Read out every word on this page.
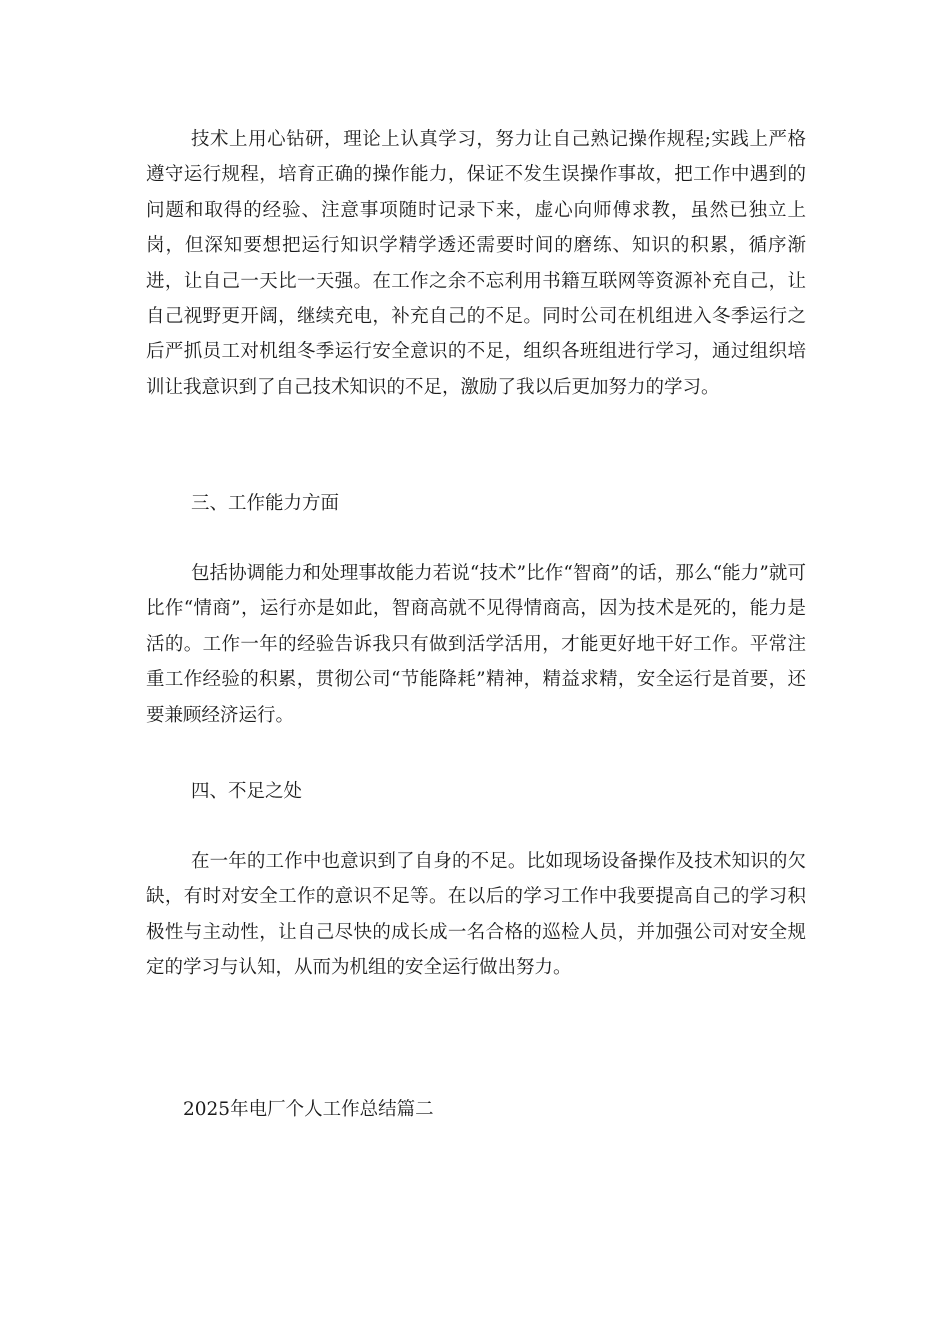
技术上用心钻研，理论上认真学习，努力让自己熟记操作规程;实践上严格遵守运行规程，培育正确的操作能力，保证不发生误操作事故，把工作中遇到的问题和取得的经验、注意事项随时记录下来，虚心向师傅求教，虽然已独立上岗，但深知要想把运行知识学精学透还需要时间的磨练、知识的积累，循序渐进，让自己一天比一天强。在工作之余不忘利用书籍互联网等资源补充自己，让自己视野更开阔，继续充电，补充自己的不足。同时公司在机组进入冬季运行之后严抓员工对机组冬季运行安全意识的不足，组织各班组进行学习，通过组织培训让我意识到了自己技术知识的不足，激励了我以后更加努力的学习。

三、工作能力方面

包括协调能力和处理事故能力若说“技术”比作“智商”的话，那么“能力”就可比作“情商”，运行亦是如此，智商高就不见得情商高，因为技术是死的，能力是活的。工作一年的经验告诉我只有做到活学活用，才能更好地干好工作。平常注重工作经验的积累，贯彻公司“节能降耗”精神，精益求精，安全运行是首要，还要兼顾经济运行。

四、不足之处

在一年的工作中也意识到了自身的不足。比如现场设备操作及技术知识的欠缺，有时对安全工作的意识不足等。在以后的学习工作中我要提高自己的学习积极性与主动性，让自己尽快的成长成一名合格的巡检人员，并加强公司对安全规定的学习与认知，从而为机组的安全运行做出努力。

2025年电厂个人工作总结篇二
